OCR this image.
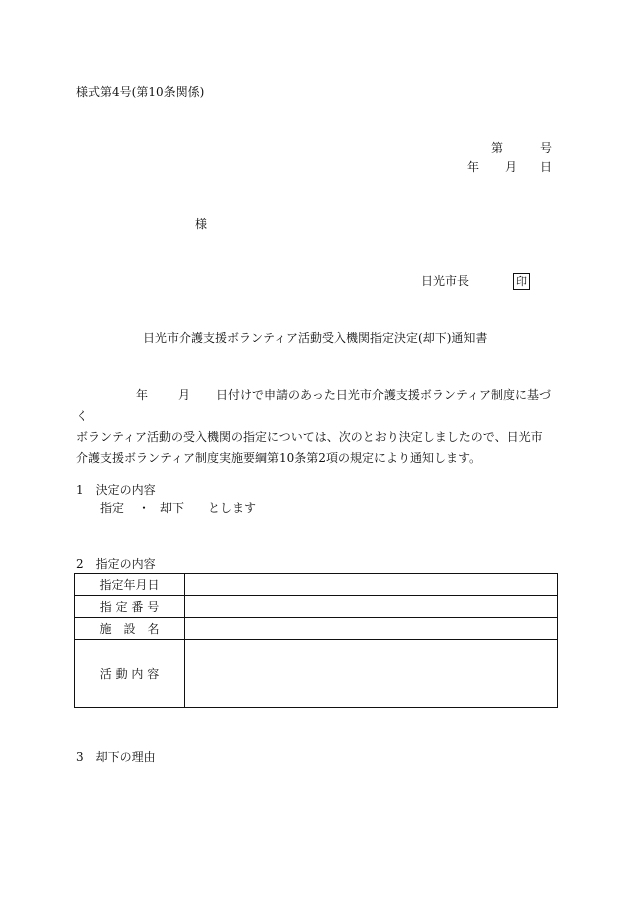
様式第4号(第10条関係)
第	号
年 月 日
様
日光市長	印
日光市介護支援ボランティア活動受入機関指定決定(却下)通知書
年	月 日付けで申請のあった日光市介護支援ボランティア制度に基づく
ボランティア活動の受入機関の指定については、次のとおり決定しましたので、日光市介護支援ボランティア制度実施要綱第10条第2項の規定により通知します。
1　決定の内容
指定 ・ 却下 とします
2　指定の内容
指定年月日	
指 定 番 号	
施　設　名	
活 動 内 容	
3　却下の理由
